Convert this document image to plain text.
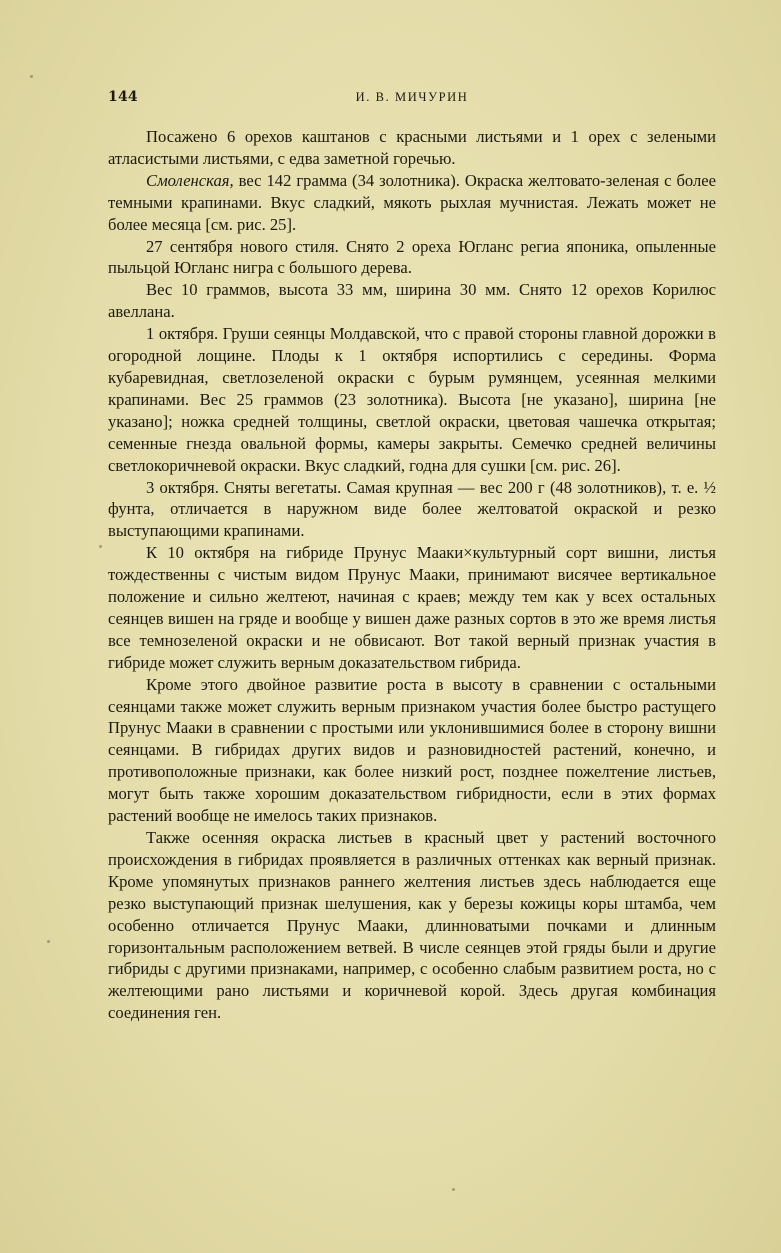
144	И. В. МИЧУРИН

Посажено 6 орехов каштанов с красными листьями и 1 орех с зелеными атласистыми листьями, с едва заметной горечью.

Смоленская, вес 142 грамма (34 золотника). Окраска желтовато-зеленая с более темными крапинами. Вкус сладкий, мякоть рыхлая мучнистая. Лежать может не более месяца [см. рис. 25].

27 сентября нового стиля. Снято 2 ореха Югланс региа японика, опыленные пыльцой Югланс нигра с большого дерева.

Вес 10 граммов, высота 33 мм, ширина 30 мм. Снято 12 орехов Корилюс авеллана.

1 октября. Груши сеянцы Молдавской, что с правой стороны главной дорожки в огородной лощине. Плоды к 1 октября испортились с середины. Форма кубаревидная, светлозеленой окраски с бурым румянцем, усеянная мелкими крапинами. Вес 25 граммов (23 золотника). Высота [не указано], ширина [не указано]; ножка средней толщины, светлой окраски, цветовая чашечка открытая; семенные гнезда овальной формы, камеры закрыты. Семечко средней величины светлокоричневой окраски. Вкус сладкий, годна для сушки [см. рис. 26].

3 октября. Сняты вегетаты. Самая крупная — вес 200 г (48 золотников), т. е. ½ фунта, отличается в наружном виде более желтоватой окраской и резко выступающими крапинами.

К 10 октября на гибриде Прунус Мааки×культурный сорт вишни, листья тождественны с чистым видом Прунус Мааки, принимают висячее вертикальное положение и сильно желтеют, начиная с краев; между тем как у всех остальных сеянцев вишен на гряде и вообще у вишен даже разных сортов в это же время листья все темнозеленой окраски и не обвисают. Вот такой верный признак участия в гибриде может служить верным доказательством гибрида.

Кроме этого двойное развитие роста в высоту в сравнении с остальными сеянцами также может служить верным признаком участия более быстро растущего Прунус Мааки в сравнении с простыми или уклонившимися более в сторону вишни сеянцами. В гибридах других видов и разновидностей растений, конечно, и противоположные признаки, как более низкий рост, позднее пожелтение листьев, могут быть также хорошим доказательством гибридности, если в этих формах растений вообще не имелось таких признаков.

Также осенняя окраска листьев в красный цвет у растений восточного происхождения в гибридах проявляется в различных оттенках как верный признак. Кроме упомянутых признаков раннего желтения листьев здесь наблюдается еще резко выступающий признак шелушения, как у березы кожицы коры штамба, чем особенно отличается Прунус Мааки, длинноватыми почками и длинным горизонтальным расположением ветвей. В числе сеянцев этой гряды были и другие гибриды с другими признаками, например, с особенно слабым развитием роста, но с желтеющими рано листьями и коричневой корой. Здесь другая комбинация соединения ген.
